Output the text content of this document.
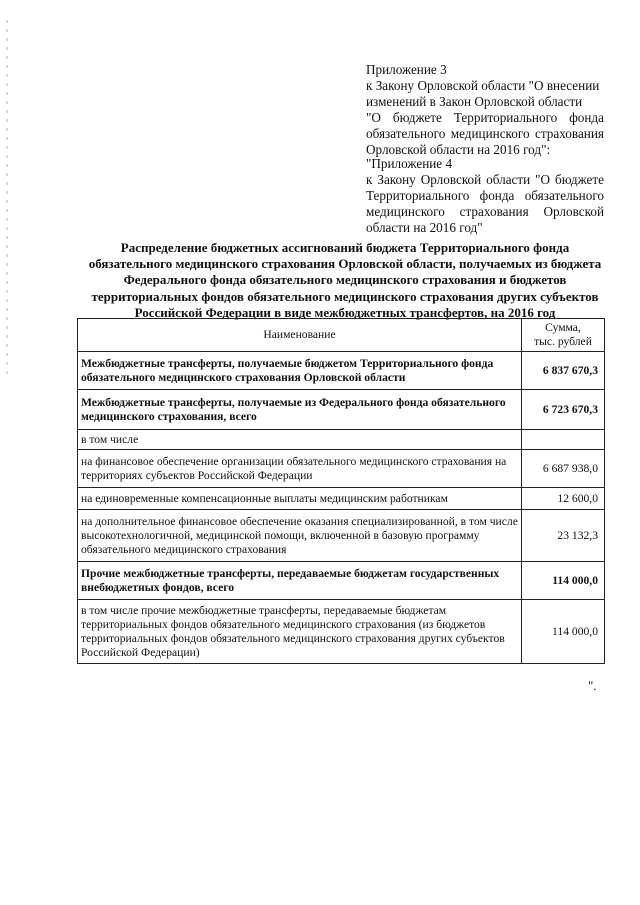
Приложение 3

к Закону Орловской области "О внесении изменений в Закон Орловской области

"О бюджете Территориального фонда обязательного медицинского страхования Орловской области на 2016 год":

"Приложение 4

к Закону Орловской области "О бюджете Территориального фонда обязательного медицинского страхования Орловской области на 2016 год"

Распределение бюджетных ассигнований бюджета Территориального фонда

обязательного медицинского страхования Орловской области, получаемых из бюджета

Федерального фонда обязательного медицинского страхования и бюджетов

территориальных фондов обязательного медицинского страхования других субъектов

Российской Федерации в виде межбюджетных трансфертов, на 2016 год

Наименование	Сумма,
тыс. рублей
Межбюджетные трансферты, получаемые бюджетом Территориального фонда обязательного медицинского страхования Орловской области	6 837 670,3
Межбюджетные трансферты, получаемые из Федерального фонда обязательного медицинского страхования, всего	6 723 670,3
в том числе	
на финансовое обеспечение организации обязательного медицинского страхования на территориях субъектов Российской Федерации	6 687 938,0
на единовременные компенсационные выплаты медицинским работникам	12 600,0
на дополнительное финансовое обеспечение оказания специализированной, в том числе высокотехнологичной, медицинской помощи, включенной в базовую программу обязательного медицинского страхования	23 132,3
Прочие межбюджетные трансферты, передаваемые бюджетам государственных внебюджетных фондов, всего	114 000,0
в том числе прочие межбюджетные трансферты, передаваемые бюджетам территориальных фондов обязательного медицинского страхования (из бюджетов территориальных фондов обязательного медицинского страхования других субъектов Российской Федерации)	114 000,0
".
